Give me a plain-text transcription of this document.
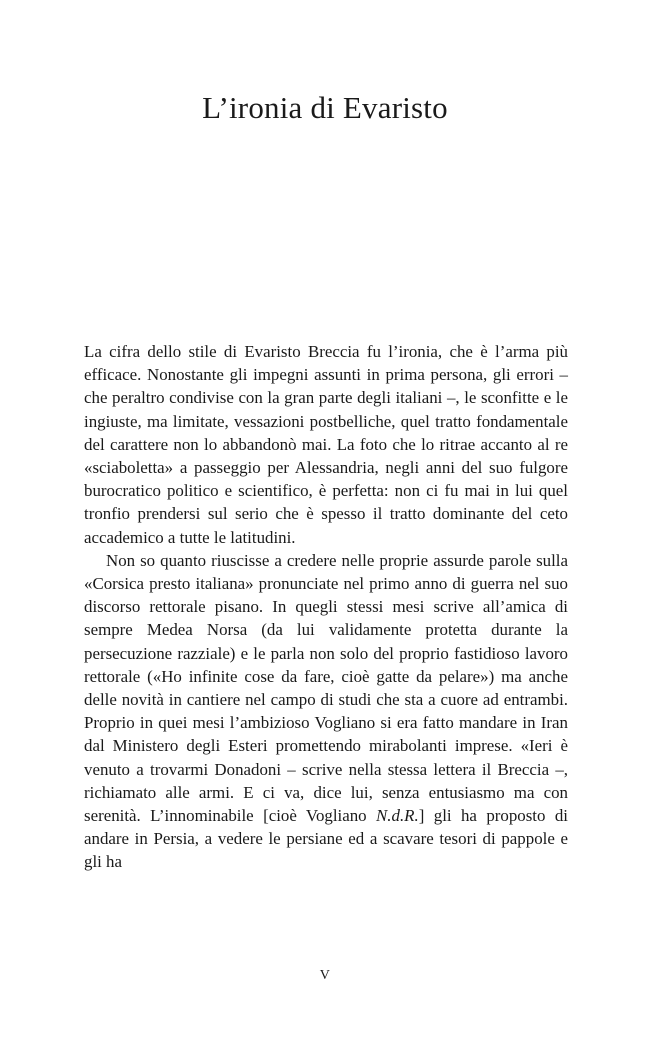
L’ironia di Evaristo

La cifra dello stile di Evaristo Breccia fu l’ironia, che è l’arma più efficace. Nonostante gli impegni assunti in prima persona, gli errori – che peraltro condivise con la gran parte degli italiani –, le sconfitte e le ingiuste, ma limitate, vessazioni postbelliche, quel tratto fondamentale del carattere non lo abbandonò mai. La foto che lo ritrae accanto al re «sciaboletta» a passeggio per Alessandria, negli anni del suo fulgore burocratico politico e scientifico, è perfetta: non ci fu mai in lui quel tronfio prendersi sul serio che è spesso il tratto dominante del ceto accademico a tutte le latitudini.

Non so quanto riuscisse a credere nelle proprie assurde parole sulla «Corsica presto italiana» pronunciate nel primo anno di guerra nel suo discorso rettorale pisano. In quegli stessi mesi scrive all’amica di sempre Medea Norsa (da lui validamente protetta durante la persecuzione razziale) e le parla non solo del proprio fastidioso lavoro rettorale («Ho infinite cose da fare, cioè gatte da pelare») ma anche delle novità in cantiere nel campo di studi che sta a cuore ad entrambi. Proprio in quei mesi l’ambizioso Vogliano si era fatto mandare in Iran dal Ministero degli Esteri promettendo mirabolanti imprese. «Ieri è venuto a trovarmi Donadoni – scrive nella stessa lettera il Breccia –, richiamato alle armi. E ci va, dice lui, senza entusiasmo ma con serenità. L’innominabile [cioè Vogliano N.d.R.] gli ha proposto di andare in Persia, a vedere le persiane ed a scavare tesori di pappole e gli ha

V
